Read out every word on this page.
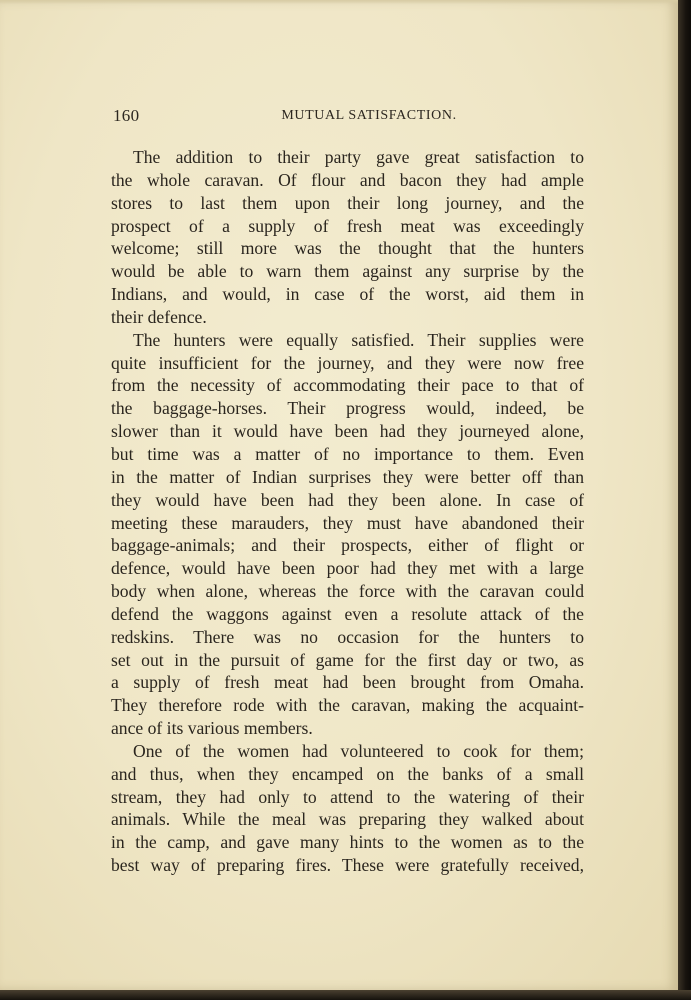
160	MUTUAL SATISFACTION.
The addition to their party gave great satisfaction to
the whole caravan. Of flour and bacon they had ample
stores to last them upon their long journey, and the
prospect of a supply of fresh meat was exceedingly
welcome; still more was the thought that the hunters
would be able to warn them against any surprise by the
Indians, and would, in case of the worst, aid them in
their defence.
The hunters were equally satisfied. Their supplies were
quite insufficient for the journey, and they were now free
from the necessity of accommodating their pace to that of
the baggage-horses. Their progress would, indeed, be
slower than it would have been had they journeyed alone,
but time was a matter of no importance to them. Even
in the matter of Indian surprises they were better off than
they would have been had they been alone. In case of
meeting these marauders, they must have abandoned their
baggage-animals; and their prospects, either of flight or
defence, would have been poor had they met with a large
body when alone, whereas the force with the caravan could
defend the waggons against even a resolute attack of the
redskins. There was no occasion for the hunters to
set out in the pursuit of game for the first day or two, as
a supply of fresh meat had been brought from Omaha.
They therefore rode with the caravan, making the acquaint-
ance of its various members.
One of the women had volunteered to cook for them;
and thus, when they encamped on the banks of a small
stream, they had only to attend to the watering of their
animals. While the meal was preparing they walked about
in the camp, and gave many hints to the women as to the
best way of preparing fires. These were gratefully received,
